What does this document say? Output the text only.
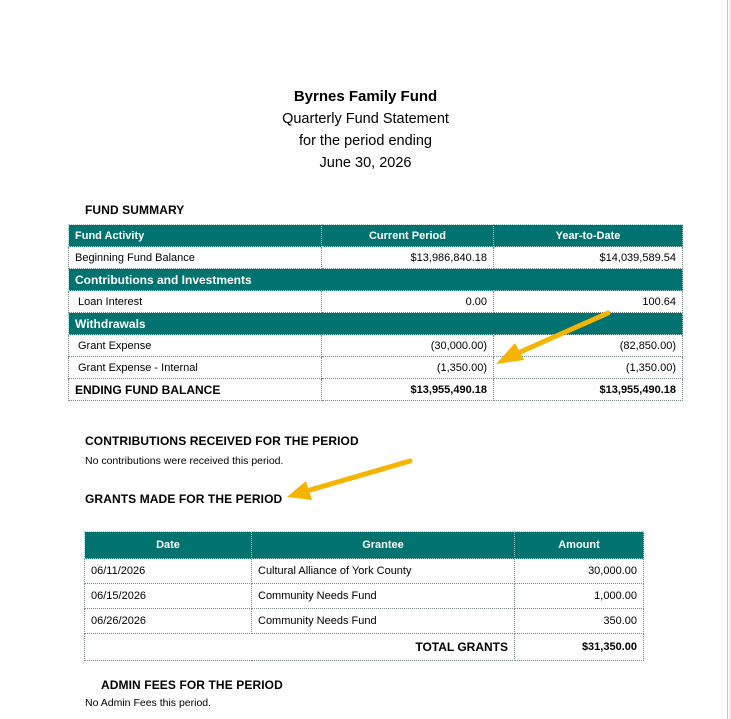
Byrnes Family Fund
Quarterly Fund Statement
for the period ending
June 30, 2026
FUND SUMMARY
Fund Activity	Current Period	Year-to-Date
Beginning Fund Balance	$13,986,840.18	$14,039,589.54
Contributions and Investments		
Loan Interest	0.00	100.64
Withdrawals		
Grant Expense	(30,000.00)	(82,850.00)
Grant Expense - Internal	(1,350.00)	(1,350.00)
ENDING FUND BALANCE	$13,955,490.18	$13,955,490.18
CONTRIBUTIONS RECEIVED FOR THE PERIOD
No contributions were received this period.
GRANTS MADE FOR THE PERIOD
Date	Grantee	Amount
06/11/2026	Cultural Alliance of York County	30,000.00
06/15/2026	Community Needs Fund	1,000.00
06/26/2026	Community Needs Fund	350.00
TOTAL GRANTS		$31,350.00
ADMIN FEES FOR THE PERIOD
No Admin Fees this period.
